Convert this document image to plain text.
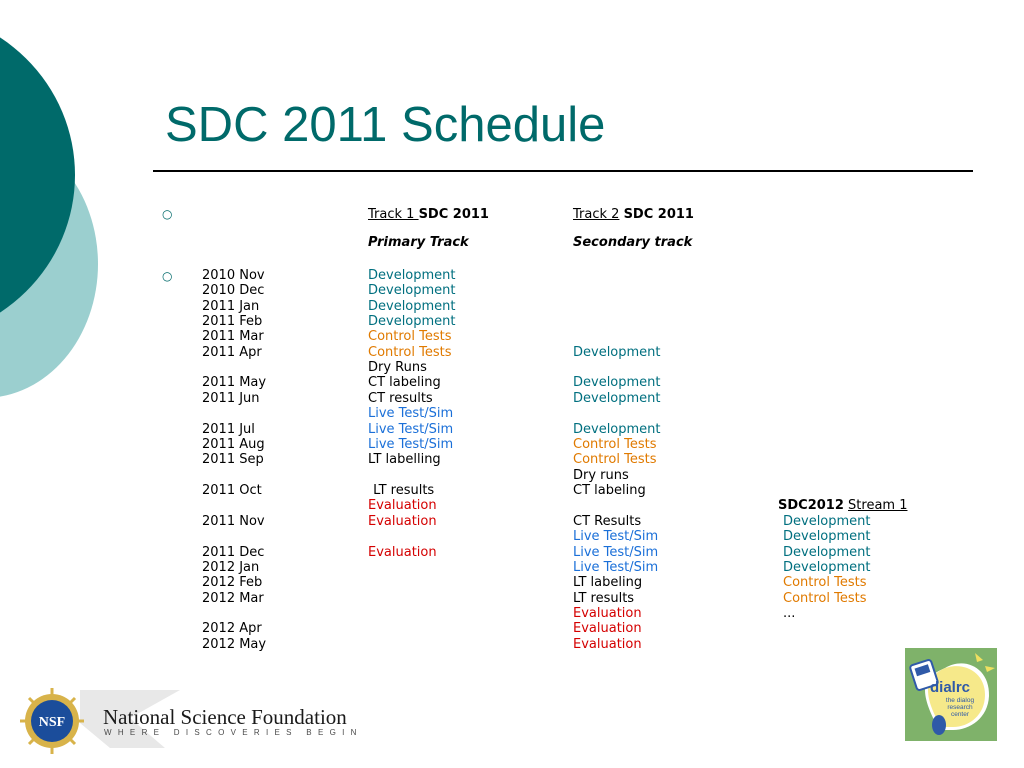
SDC 2011 Schedule
○
○
Track 1 SDC 2011	Track 2 SDC 2011
Primary Track	Secondary track
2010 Nov
2010 Dec
2011 Jan
2011 Feb
2011 Mar
2011 Apr
2011 May
2011 Jun
2011 Jul
2011 Aug
2011 Sep
2011 Oct
2011 Nov
2011 Dec
2012 Jan
2012 Feb
2012 Mar
2012 Apr
2012 May
Development
Development
Development
Development
Control Tests
Control Tests
Dry Runs
CT labeling
CT results
Live Test/Sim
Live Test/Sim
Live Test/Sim
LT labelling
LT results
Evaluation
Evaluation
Evaluation
Development
Development
Development
Development
Control Tests
Control Tests
Dry runs
CT labeling
CT Results
Live Test/Sim
Live Test/Sim
Live Test/Sim
LT labeling
LT results
Evaluation
Evaluation
Evaluation
SDC2012 Stream 1
Development
Development
Development
Development
Control Tests
Control Tests
...
NSF National Science Foundation
WHERE DISCOVERIES BEGIN
dialrc
the dialog
research
center
